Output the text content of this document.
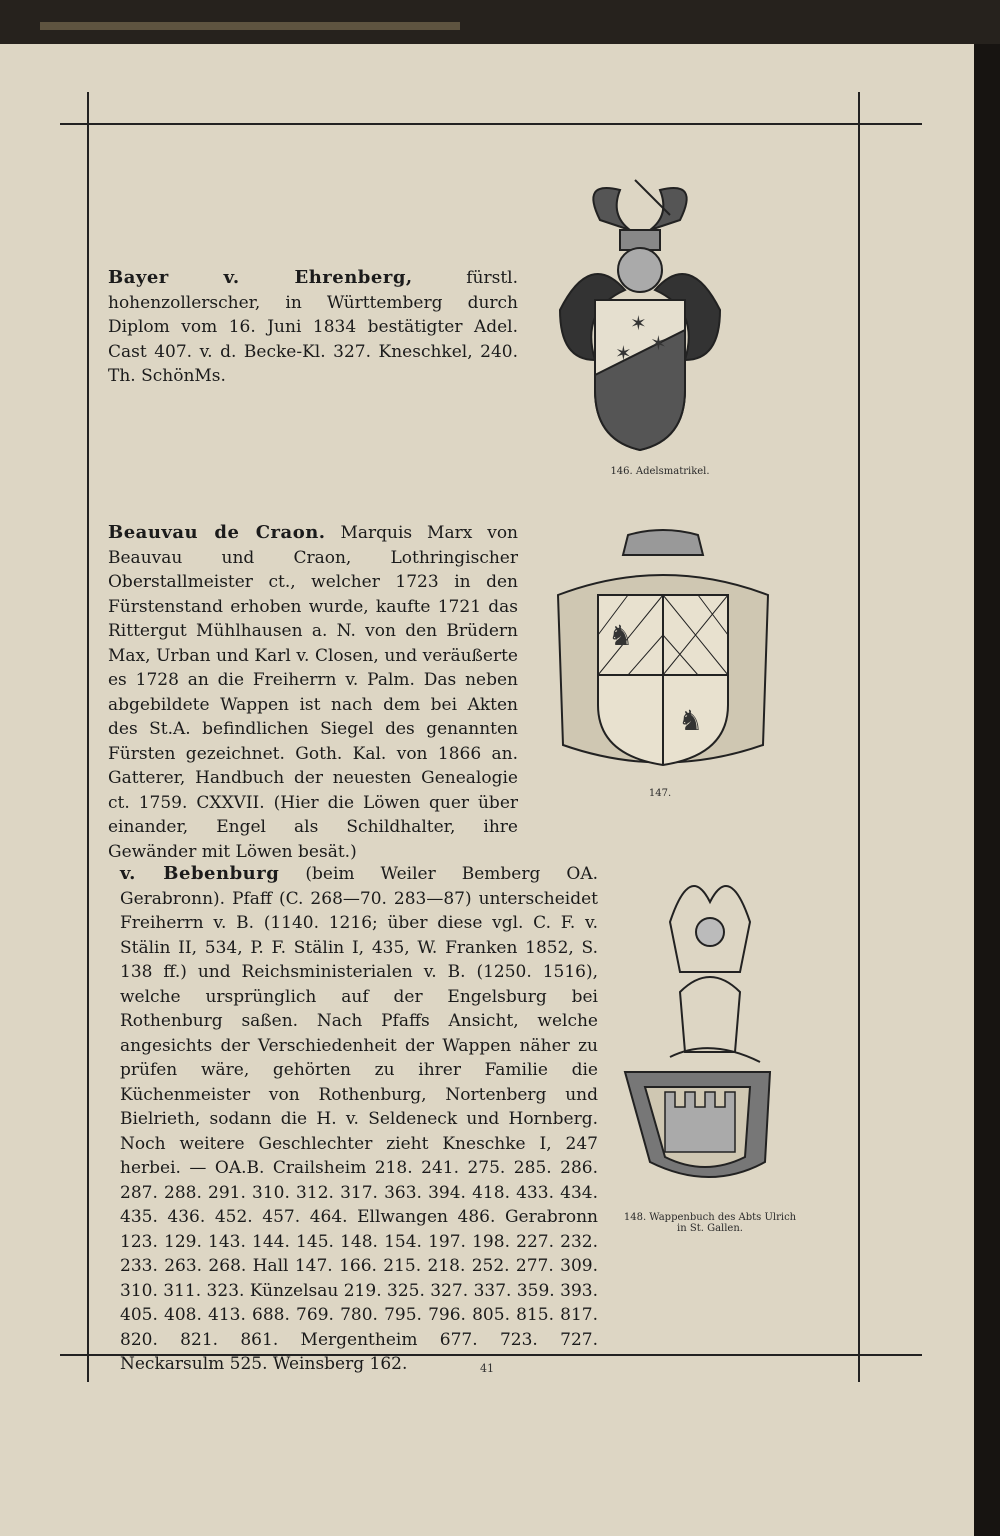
Bayer v. Ehrenberg, fürstl. hohenzollerscher, in Württemberg durch Diplom vom 16. Juni 1834 bestätigter Adel. Cast 407. v. d. Becke-Kl. 327. Kneschkel, 240. Th. SchönMs.

✶
✶
✶
146. Adelsmatrikel.

Beauvau de Craon. Marquis Marx von Beauvau und Craon, Lothringischer Oberstallmeister ct., welcher 1723 in den Fürstenstand erhoben wurde, kaufte 1721 das Rittergut Mühlhausen a. N. von den Brüdern Max, Urban und Karl v. Closen, und veräußerte es 1728 an die Freiherrn v. Palm. Das neben abgebildete Wappen ist nach dem bei Akten des St.A. befindlichen Siegel des genannten Fürsten gezeichnet. Goth. Kal. von 1866 an. Gatterer, Handbuch der neuesten Genealogie ct. 1759. CXXVII. (Hier die Löwen quer über einander, Engel als Schildhalter, ihre Gewänder mit Löwen besät.)

♞
♞
147.

v. Bebenburg (beim Weiler Bemberg OA. Gerabronn). Pfaff (C. 268—70. 283—87) unterscheidet Freiherrn v. B. (1140. 1216; über diese vgl. C. F. v. Stälin II, 534, P. F. Stälin I, 435, W. Franken 1852, S. 138 ff.) und Reichsministerialen v. B. (1250. 1516), welche ursprünglich auf der Engelsburg bei Rothenburg saßen. Nach Pfaffs Ansicht, welche angesichts der Verschiedenheit der Wappen näher zu prüfen wäre, gehörten zu ihrer Familie die Küchenmeister von Rothenburg, Nortenberg und Bielrieth, sodann die H. v. Seldeneck und Hornberg. Noch weitere Geschlechter zieht Kneschke I, 247 herbei. — OA.B. Crailsheim 218. 241. 275. 285. 286. 287. 288. 291. 310. 312. 317. 363. 394. 418. 433. 434. 435. 436. 452. 457. 464. Ellwangen 486. Gerabronn 123. 129. 143. 144. 145. 148. 154. 197. 198. 227. 232. 233. 263. 268. Hall 147. 166. 215. 218. 252. 277. 309. 310. 311. 323. Künzelsau 219. 325. 327. 337. 359. 393. 405. 408. 413. 688. 769. 780. 795. 796. 805. 815. 817. 820. 821. 861. Mergentheim 677. 723. 727. Neckarsulm 525. Weinsberg 162.

148. Wappenbuch des Abts Ulrich
in St. Gallen.
41
